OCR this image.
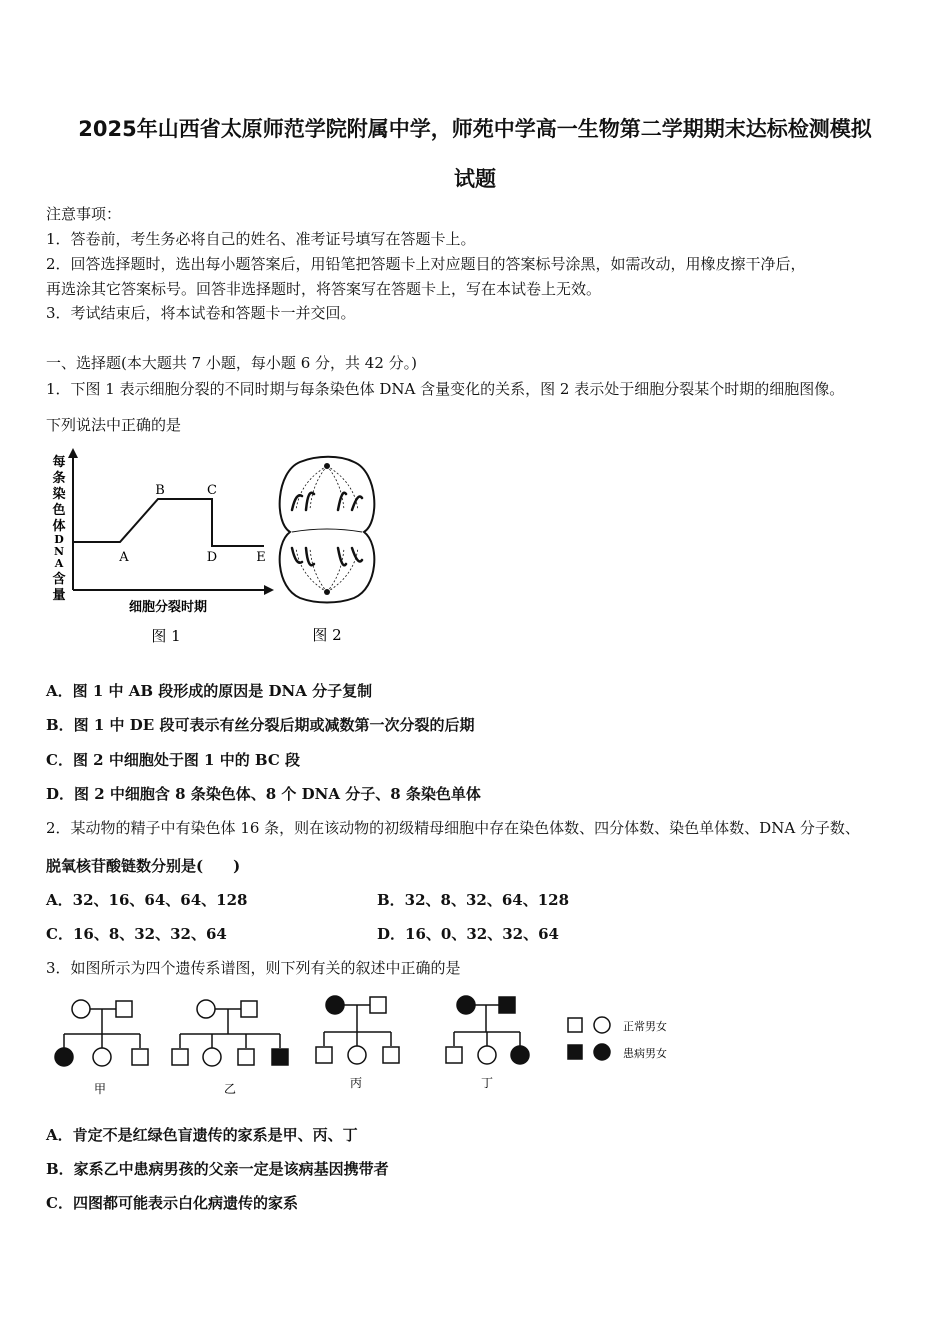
2025年山西省太原师范学院附属中学，师苑中学高一生物第二学期期末达标检测模拟
试题
注意事项：
1．答卷前，考生务必将自己的姓名、准考证号填写在答题卡上。
2．回答选择题时，选出每小题答案后，用铅笔把答题卡上对应题目的答案标号涂黑，如需改动，用橡皮擦干净后，
再选涂其它答案标号。回答非选择题时，将答案写在答题卡上，写在本试卷上无效。
3．考试结束后，将本试卷和答题卡一并交回。
一、选择题(本大题共 7 小题，每小题 6 分，共 42 分。)
1．下图 1 表示细胞分裂的不同时期与每条染色体 DNA 含量变化的关系，图 2 表示处于细胞分裂某个时期的细胞图像。
下列说法中正确的是
每
条
染
色
体
D
N
A
含
量
A
B	C
D	E
细胞分裂时期
图 1	图 2
A．图 1 中 AB 段形成的原因是 DNA 分子复制
B．图 1 中 DE 段可表示有丝分裂后期或减数第一次分裂的后期
C．图 2 中细胞处于图 1 中的 BC 段
D．图 2 中细胞含 8 条染色体、8 个 DNA 分子、8 条染色单体
2．某动物的精子中有染色体 16 条，则在该动物的初级精母细胞中存在染色体数、四分体数、染色单体数、DNA 分子数、
脱氧核苷酸链数分别是(　　)
A．32、16、64、64、128	B．32、8、32、64、128
C．16、8、32、32、64	D．16、0、32、32、64
3．如图所示为四个遗传系谱图，则下列有关的叙述中正确的是
正常男女
患病男女
甲	乙	丙	丁
A．肯定不是红绿色盲遗传的家系是甲、丙、丁
B．家系乙中患病男孩的父亲一定是该病基因携带者
C．四图都可能表示白化病遗传的家系
